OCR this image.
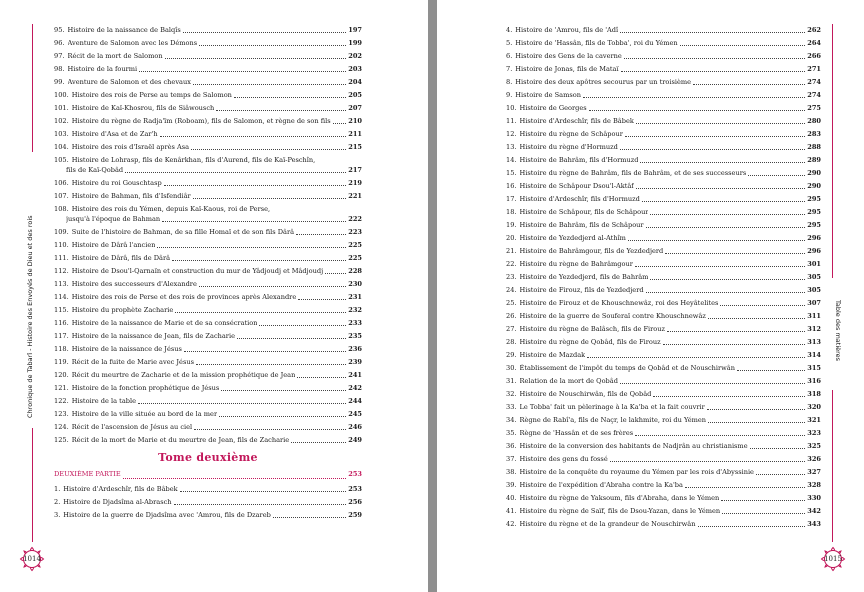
95. Histoire de la naissance de Balqîs	197
96. Aventure de Salomon avec les Démons	199
97. Récit de la mort de Salomon	202
98. Histoire de la fourmi	203
99. Aventure de Salomon et des chevaux	204
100. Histoire des rois de Perse au temps de Salomon	205
101. Histoire de Kaï-Khosrou, fils de Siâwousch	207
102. Histoire du règne de Radja'ïm (Roboam), fils de Salomon, et règne de son fils	210
103. Histoire d'Asa et de Zar'h	211
104. Histoire des rois d'Israël après Asa	215
105. Histoire de Lohrasp, fils de Kenârkhan, fils d'Aurend, fils de Kaï-Peschîn,
fils de Kaï-Qobâd	217
106. Histoire du roi Gouschtasp	219
107. Histoire de Bahman, fils d'Isfendiâr	221
108. Histoire des rois du Yémen, depuis Kaï-Kaous, roi de Perse,
jusqu'à l'époque de Bahman	222
109. Suite de l'histoire de Bahman, de sa fille Homaï et de son fils Dârâ	223
110. Histoire de Dârâ l'ancien	225
111. Histoire de Dârâ, fils de Dârâ	225
112. Histoire de Dsou'l-Qarnaïn et construction du mur de Yâdjoudj et Mâdjoudj	228
113. Histoire des successeurs d'Alexandre	230
114. Histoire des rois de Perse et des rois de provinces après Alexandre	231
115. Histoire du prophète Zacharie	232
116. Histoire de la naissance de Marie et de sa consécration	233
117. Histoire de la naissance de Jean, fils de Zacharie	235
118. Histoire de la naissance de Jésus	236
119. Récit de la fuite de Marie avec Jésus	239
120. Récit du meurtre de Zacharie et de la mission prophétique de Jean	241
121. Histoire de la fonction prophétique de Jésus	242
122. Histoire de la table	244
123. Histoire de la ville située au bord de la mer	245
124. Récit de l'ascension de Jésus au ciel	246
125. Récit de la mort de Marie et du meurtre de Jean, fils de Zacharie	249
Tome deuxième
DEUXIÈME PARTIE	253
1. Histoire d'Ardeschîr, fils de Bâbek	253
2. Histoire de Djadsîma al-Abrasch	256
3. Histoire de la guerre de Djadsîma avec 'Amrou, fils de Dzareb	259
Chronique de Tabarî - Histoire des Envoyés de Dieu et des rois
1014
4. Histoire de 'Amrou, fils de 'Adî	262
5. Histoire de 'Hassân, fils de Tobba', roi du Yémen	264
6. Histoire des Gens de la caverne	266
7. Histoire de Jonas, fils de Mataï	271
8. Histoire des deux apôtres secourus par un troisième	274
9. Histoire de Samson	274
10. Histoire de Georges	275
11. Histoire d'Ardeschîr, fils de Bâbek	280
12. Histoire du règne de Schâpour	283
13. Histoire du règne d'Hormuzd	288
14. Histoire de Bahrâm, fils d'Hormuzd	289
15. Histoire du règne de Bahrâm, fils de Bahrâm, et de ses successeurs	290
16. Histoire de Schâpour Dsou'l-Aktâf	290
17. Histoire d'Ardeschîr, fils d'Hormuzd	295
18. Histoire de Schâpour, fils de Schâpour	295
19. Histoire de Bahrâm, fils de Schâpour	295
20. Histoire de Yezdedjerd al-Athîm	296
21. Histoire de Bahrâmgour, fils de Yezdedjerd	296
22. Histoire du règne de Bahrâmgour	301
23. Histoire de Yezdedjerd, fils de Bahrâm	305
24. Histoire de Firouz, fils de Yezdedjerd	305
25. Histoire de Firouz et de Khouschnewâz, roi des Heyâtelites	307
26. Histoire de la guerre de Souferaï contre Khouschnewâz	311
27. Histoire du règne de Balâsch, fils de Firouz	312
28. Histoire du règne de Qobâd, fils de Firouz	313
29. Histoire de Mazdak	314
30. Établissement de l'impôt du temps de Qobâd et de Nouschirwân	315
31. Relation de la mort de Qobâd	316
32. Histoire de Nouschirwân, fils de Qobâd	318
33. Le Tobba' fait un pèlerinage à la Ka'ba et la fait couvrir	320
34. Règne de Rabî'a, fils de Naçr, le lakhmite, roi du Yémen	321
35. Règne de 'Hassân et de ses frères	323
36. Histoire de la conversion des habitants de Nadjrân au christianisme	325
37. Histoire des gens du fossé	326
38. Histoire de la conquête du royaume du Yémen par les rois d'Abyssinie	327
39. Histoire de l'expédition d'Abraha contre la Ka'ba	328
40. Histoire du règne de Yaksoum, fils d'Abraha, dans le Yémen	330
41. Histoire du règne de Saïf, fils de Dsou-Yazan, dans le Yémen	342
42. Histoire du règne et de la grandeur de Nouschirwân	343
1015
Table des matières
